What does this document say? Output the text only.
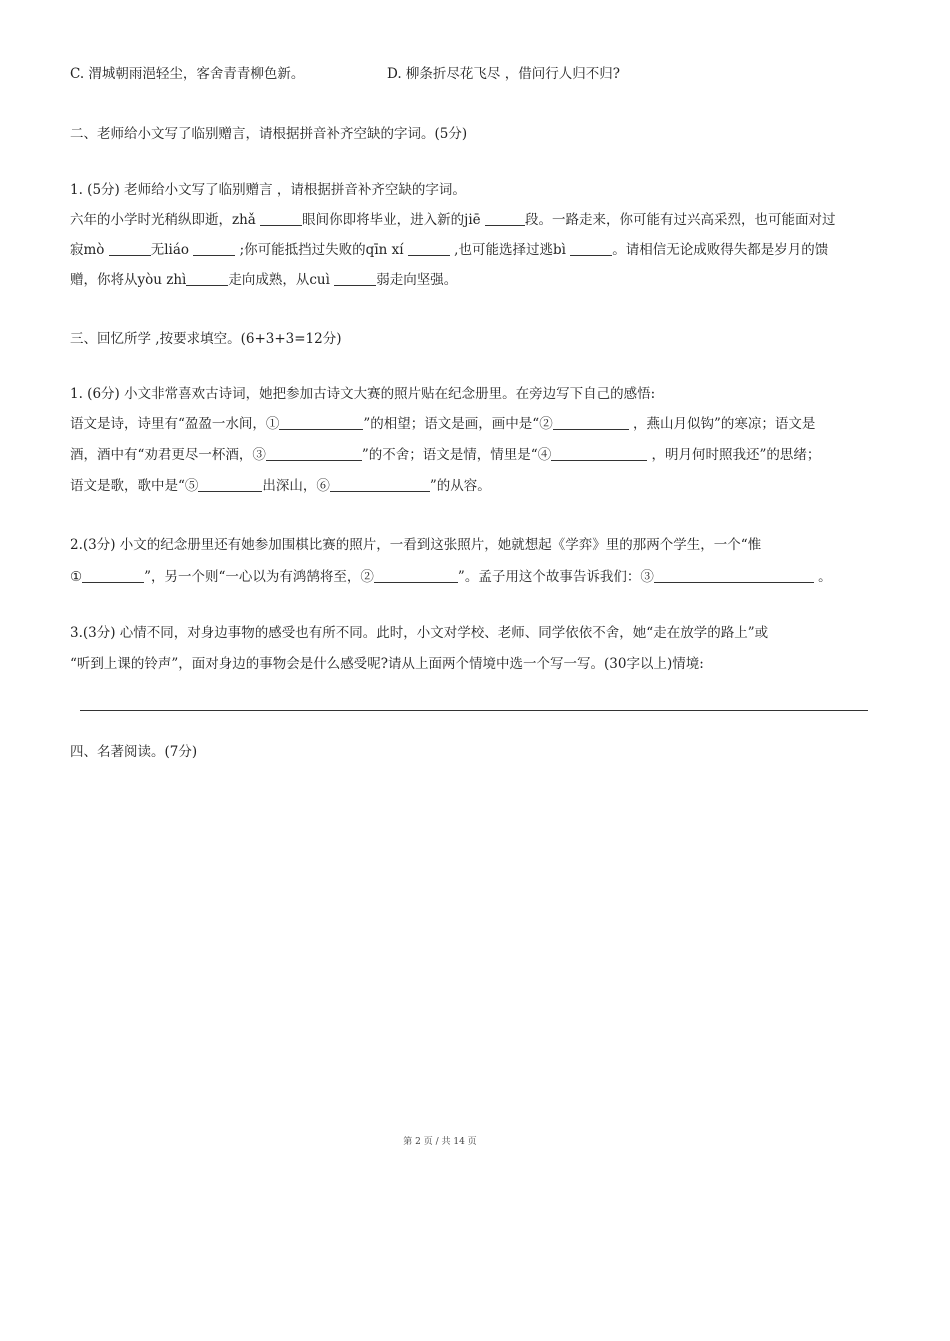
C. 渭城朝雨浥轻尘，客舍青青柳色新。	D. 柳条折尽花飞尽 ，借问行人归不归?
二、老师给小文写了临别赠言，请根据拼音补齐空缺的字词。(5分)
1. (5分) 老师给小文写了临别赠言 ，请根据拼音补齐空缺的字词。
六年的小学时光稍纵即逝，zhǎ	眼间你即将毕业，进入新的jiē	段。一路走来，你可能有过兴高采烈，也可能面对过
寂mò	无liáo	;你可能抵挡过失败的qīn xí	,也可能选择过逃bì	。请相信无论成败得失都是岁月的馈
赠，你将从yòu zhì	走向成熟，从cuì	弱走向坚强。
三、回忆所学 ,按要求填空。(6+3+3=12分)
1. (6分) 小文非常喜欢古诗词，她把参加古诗文大赛的照片贴在纪念册里。在旁边写下自己的感悟:
语文是诗，诗里有“盈盈一水间，①	”的相望；语文是画，画中是“②	，燕山月似钩”的寒凉；语文是
酒，酒中有“劝君更尽一杯酒，③	”的不舍；语文是情，情里是“④	，明月何时照我还”的思绪；
语文是歌，歌中是“⑤	出深山，⑥	”的从容。
2.(3分) 小文的纪念册里还有她参加围棋比赛的照片，一看到这张照片，她就想起《学弈》里的那两个学生，一个“惟
①	”，另一个则“一心以为有鸿鹄将至，②	”。孟子用这个故事告诉我们：③	。
3.(3分) 心情不同，对身边事物的感受也有所不同。此时，小文对学校、老师、同学依依不舍，她“走在放学的路上”或
“听到上课的铃声”，面对身边的事物会是什么感受呢?请从上面两个情境中选一个写一写。(30字以上)情境:
四、名著阅读。(7分)
第 2 页 / 共 14 页
